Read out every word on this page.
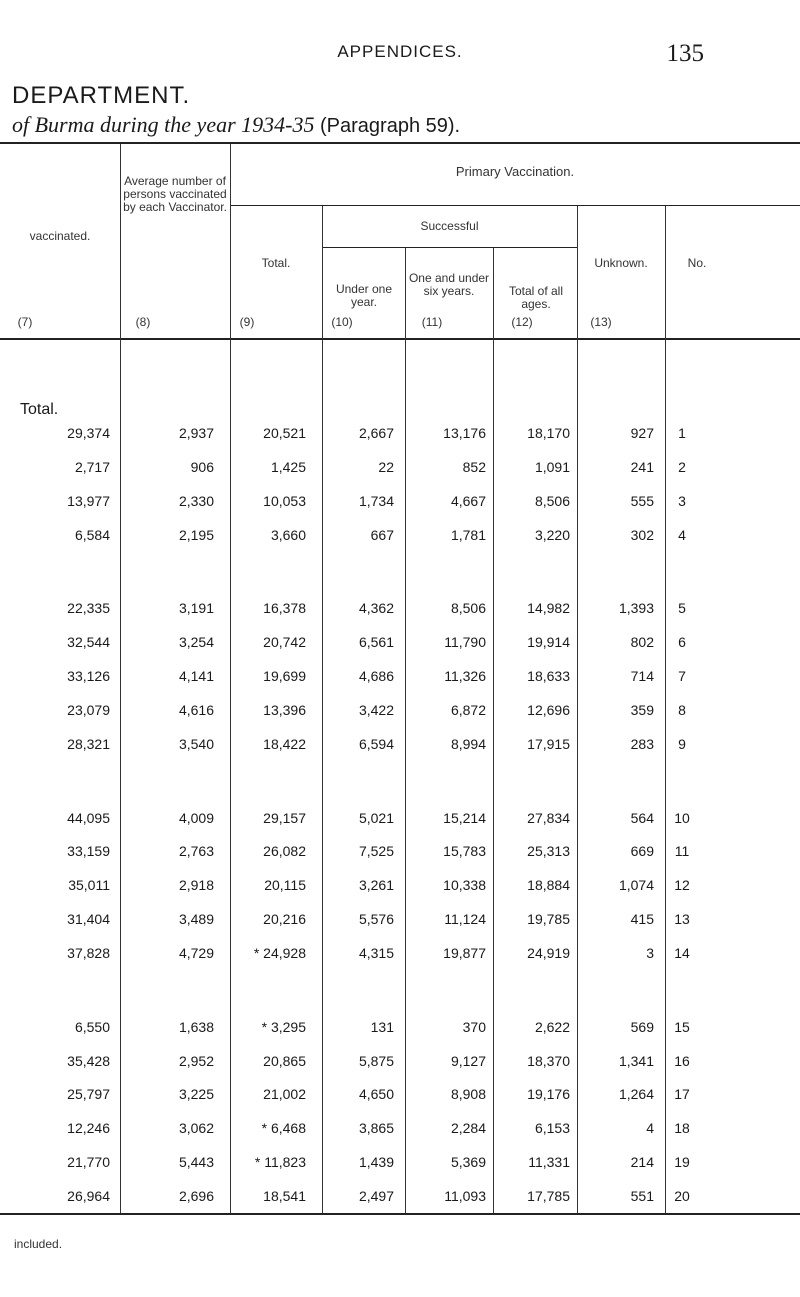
APPENDICES.	135
DEPARTMENT.
of Burma during the year 1934-35 (Paragraph 59).
vaccinated.
Average number of persons vaccinated by each Vaccinator.
Primary Vaccination.
Total.
Successful
Under one year.
One and under six years.	Total of all ages.
Unknown.	No.
(7)	(8)	(9)	(10)	(11)	(12)	(13)
Total.
29,374	2,937	20,521	2,667	13,176	18,170	927	1
2,717	906	1,425	22	852	1,091	241	2
13,977	2,330	10,053	1,734	4,667	8,506	555	3
6,584	2,195	3,660	667	1,781	3,220	302	4
22,335	3,191	16,378	4,362	8,506	14,982	1,393	5
32,544	3,254	20,742	6,561	11,790	19,914	802	6
33,126	4,141	19,699	4,686	11,326	18,633	714	7
23,079	4,616	13,396	3,422	6,872	12,696	359	8
28,321	3,540	18,422	6,594	8,994	17,915	283	9
44,095	4,009	29,157	5,021	15,214	27,834	564	10
33,159	2,763	26,082	7,525	15,783	25,313	669	11
35,011	2,918	20,115	3,261	10,338	18,884	1,074	12
31,404	3,489	20,216	5,576	11,124	19,785	415	13
37,828	4,729	* 24,928	4,315	19,877	24,919	3	14
6,550	1,638	* 3,295	131	370	2,622	569	15
35,428	2,952	20,865	5,875	9,127	18,370	1,341	16
25,797	3,225	21,002	4,650	8,908	19,176	1,264	17
12,246	3,062	* 6,468	3,865	2,284	6,153	4	18
21,770	5,443	* 11,823	1,439	5,369	11,331	214	19
26,964	2,696	18,541	2,497	11,093	17,785	551	20
included.
